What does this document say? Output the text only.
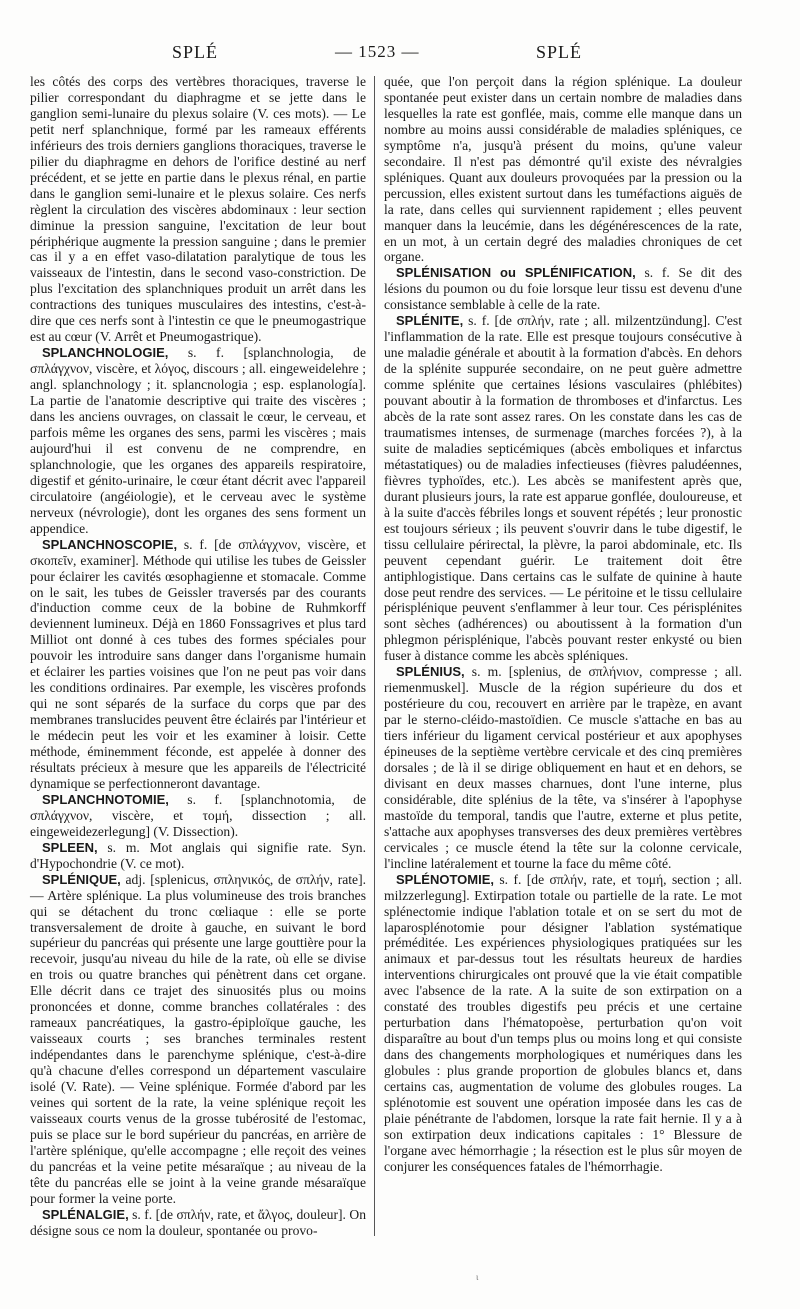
SPLÉ	— 1523 —	SPLÉ

les côtés des corps des vertèbres thoraciques, traverse le pilier correspondant du diaphragme et se jette dans le ganglion semi-lunaire du plexus solaire (V. ces mots). — Le petit nerf splanchnique, formé par les rameaux efférents inférieurs des trois derniers ganglions thoraciques, traverse le pilier du diaphragme en dehors de l'orifice destiné au nerf précédent, et se jette en partie dans le plexus rénal, en partie dans le ganglion semi-lunaire et le plexus solaire. Ces nerfs règlent la circulation des viscères abdominaux : leur section diminue la pression sanguine, l'excitation de leur bout périphérique augmente la pression sanguine ; dans le premier cas il y a en effet vaso-dilatation paralytique de tous les vaisseaux de l'intestin, dans le second vaso-constriction. De plus l'excitation des splanchniques produit un arrêt dans les contractions des tuniques musculaires des intestins, c'est-à-dire que ces nerfs sont à l'intestin ce que le pneumogastrique est au cœur (V. Arrêt et Pneumogastrique).

SPLANCHNOLOGIE, s. f. [splanchnologia, de σπλάγχνον, viscère, et λόγος, discours ; all. eingeweidelehre ; angl. splanchnology ; it. splancnologia ; esp. esplanología]. La partie de l'anatomie descriptive qui traite des viscères ; dans les anciens ouvrages, on classait le cœur, le cerveau, et parfois même les organes des sens, parmi les viscères ; mais aujourd'hui il est convenu de ne comprendre, en splanchnologie, que les organes des appareils respiratoire, digestif et génito-urinaire, le cœur étant décrit avec l'appareil circulatoire (angéiologie), et le cerveau avec le système nerveux (névrologie), dont les organes des sens forment un appendice.

SPLANCHNOSCOPIE, s. f. [de σπλάγχνον, viscère, et σκοπεῖν, examiner]. Méthode qui utilise les tubes de Geissler pour éclairer les cavités œsophagienne et stomacale. Comme on le sait, les tubes de Geissler traversés par des courants d'induction comme ceux de la bobine de Ruhmkorff deviennent lumineux. Déjà en 1860 Fonssagrives et plus tard Milliot ont donné à ces tubes des formes spéciales pour pouvoir les introduire sans danger dans l'organisme humain et éclairer les parties voisines que l'on ne peut pas voir dans les conditions ordinaires. Par exemple, les viscères profonds qui ne sont séparés de la surface du corps que par des membranes translucides peuvent être éclairés par l'intérieur et le médecin peut les voir et les examiner à loisir. Cette méthode, éminemment féconde, est appelée à donner des résultats précieux à mesure que les appareils de l'électricité dynamique se perfectionneront davantage.

SPLANCHNOTOMIE, s. f. [splanchnotomia, de σπλάγχνον, viscère, et τομή, dissection ; all. eingeweidezerlegung] (V. Dissection).

SPLEEN, s. m. Mot anglais qui signifie rate. Syn. d'Hypochondrie (V. ce mot).

SPLÉNIQUE, adj. [splenicus, σπληνικός, de σπλήν, rate]. — Artère splénique. La plus volumineuse des trois branches qui se détachent du tronc cœliaque : elle se porte transversalement de droite à gauche, en suivant le bord supérieur du pancréas qui présente une large gouttière pour la recevoir, jusqu'au niveau du hile de la rate, où elle se divise en trois ou quatre branches qui pénètrent dans cet organe. Elle décrit dans ce trajet des sinuosités plus ou moins prononcées et donne, comme branches collatérales : des rameaux pancréatiques, la gastro-épiploïque gauche, les vaisseaux courts ; ses branches terminales restent indépendantes dans le parenchyme splénique, c'est-à-dire qu'à chacune d'elles correspond un département vasculaire isolé (V. Rate). — Veine splénique. Formée d'abord par les veines qui sortent de la rate, la veine splénique reçoit les vaisseaux courts venus de la grosse tubérosité de l'estomac, puis se place sur le bord supérieur du pancréas, en arrière de l'artère splénique, qu'elle accompagne ; elle reçoit des veines du pancréas et la veine petite mésaraïque ; au niveau de la tête du pancréas elle se joint à la veine grande mésaraïque pour former la veine porte.

SPLÉNALGIE, s. f. [de σπλήν, rate, et ἄλγος, douleur]. On désigne sous ce nom la douleur, spontanée ou provo-

quée, que l'on perçoit dans la région splénique. La douleur spontanée peut exister dans un certain nombre de maladies dans lesquelles la rate est gonflée, mais, comme elle manque dans un nombre au moins aussi considérable de maladies spléniques, ce symptôme n'a, jusqu'à présent du moins, qu'une valeur secondaire. Il n'est pas démontré qu'il existe des névralgies spléniques. Quant aux douleurs provoquées par la pression ou la percussion, elles existent surtout dans les tuméfactions aiguës de la rate, dans celles qui surviennent rapidement ; elles peuvent manquer dans la leucémie, dans les dégénérescences de la rate, en un mot, à un certain degré des maladies chroniques de cet organe.

SPLÉNISATION ou SPLÉNIFICATION, s. f. Se dit des lésions du poumon ou du foie lorsque leur tissu est devenu d'une consistance semblable à celle de la rate.

SPLÉNITE, s. f. [de σπλήν, rate ; all. milzentzündung]. C'est l'inflammation de la rate. Elle est presque toujours consécutive à une maladie générale et aboutit à la formation d'abcès. En dehors de la splénite suppurée secondaire, on ne peut guère admettre comme splénite que certaines lésions vasculaires (phlébites) pouvant aboutir à la formation de thromboses et d'infarctus. Les abcès de la rate sont assez rares. On les constate dans les cas de traumatismes intenses, de surmenage (marches forcées ?), à la suite de maladies septicémiques (abcès emboliques et infarctus métastatiques) ou de maladies infectieuses (fièvres paludéennes, fièvres typhoïdes, etc.). Les abcès se manifestent après que, durant plusieurs jours, la rate est apparue gonflée, douloureuse, et à la suite d'accès fébriles longs et souvent répétés ; leur pronostic est toujours sérieux ; ils peuvent s'ouvrir dans le tube digestif, le tissu cellulaire périrectal, la plèvre, la paroi abdominale, etc. Ils peuvent cependant guérir. Le traitement doit être antiphlogistique. Dans certains cas le sulfate de quinine à haute dose peut rendre des services. — Le péritoine et le tissu cellulaire périsplénique peuvent s'enflammer à leur tour. Ces périsplénites sont sèches (adhérences) ou aboutissent à la formation d'un phlegmon périsplénique, l'abcès pouvant rester enkysté ou bien fuser à distance comme les abcès spléniques.

SPLÉNIUS, s. m. [splenius, de σπλήνιον, compresse ; all. riemenmuskel]. Muscle de la région supérieure du dos et postérieure du cou, recouvert en arrière par le trapèze, en avant par le sterno-cléido-mastoïdien. Ce muscle s'attache en bas au tiers inférieur du ligament cervical postérieur et aux apophyses épineuses de la septième vertèbre cervicale et des cinq premières dorsales ; de là il se dirige obliquement en haut et en dehors, se divisant en deux masses charnues, dont l'une interne, plus considérable, dite splénius de la tête, va s'insérer à l'apophyse mastoïde du temporal, tandis que l'autre, externe et plus petite, s'attache aux apophyses transverses des deux premières vertèbres cervicales ; ce muscle étend la tête sur la colonne cervicale, l'incline latéralement et tourne la face du même côté.

SPLÉNOTOMIE, s. f. [de σπλήν, rate, et τομή, section ; all. milzzerlegung]. Extirpation totale ou partielle de la rate. Le mot splénectomie indique l'ablation totale et on se sert du mot de laparosplénotomie pour désigner l'ablation systématique préméditée. Les expériences physiologiques pratiquées sur les animaux et par-dessus tout les résultats heureux de hardies interventions chirurgicales ont prouvé que la vie était compatible avec l'absence de la rate. A la suite de son extirpation on a constaté des troubles digestifs peu précis et une certaine perturbation dans l'hématopoèse, perturbation qu'on voit disparaître au bout d'un temps plus ou moins long et qui consiste dans des changements morphologiques et numériques dans les globules : plus grande proportion de globules blancs et, dans certains cas, augmentation de volume des globules rouges. La splénotomie est souvent une opération imposée dans les cas de plaie pénétrante de l'abdomen, lorsque la rate fait hernie. Il y a à son extirpation deux indications capitales : 1° Blessure de l'organe avec hémorrhagie ; la résection est le plus sûr moyen de conjurer les conséquences fatales de l'hémorrhagie.

ɩ
